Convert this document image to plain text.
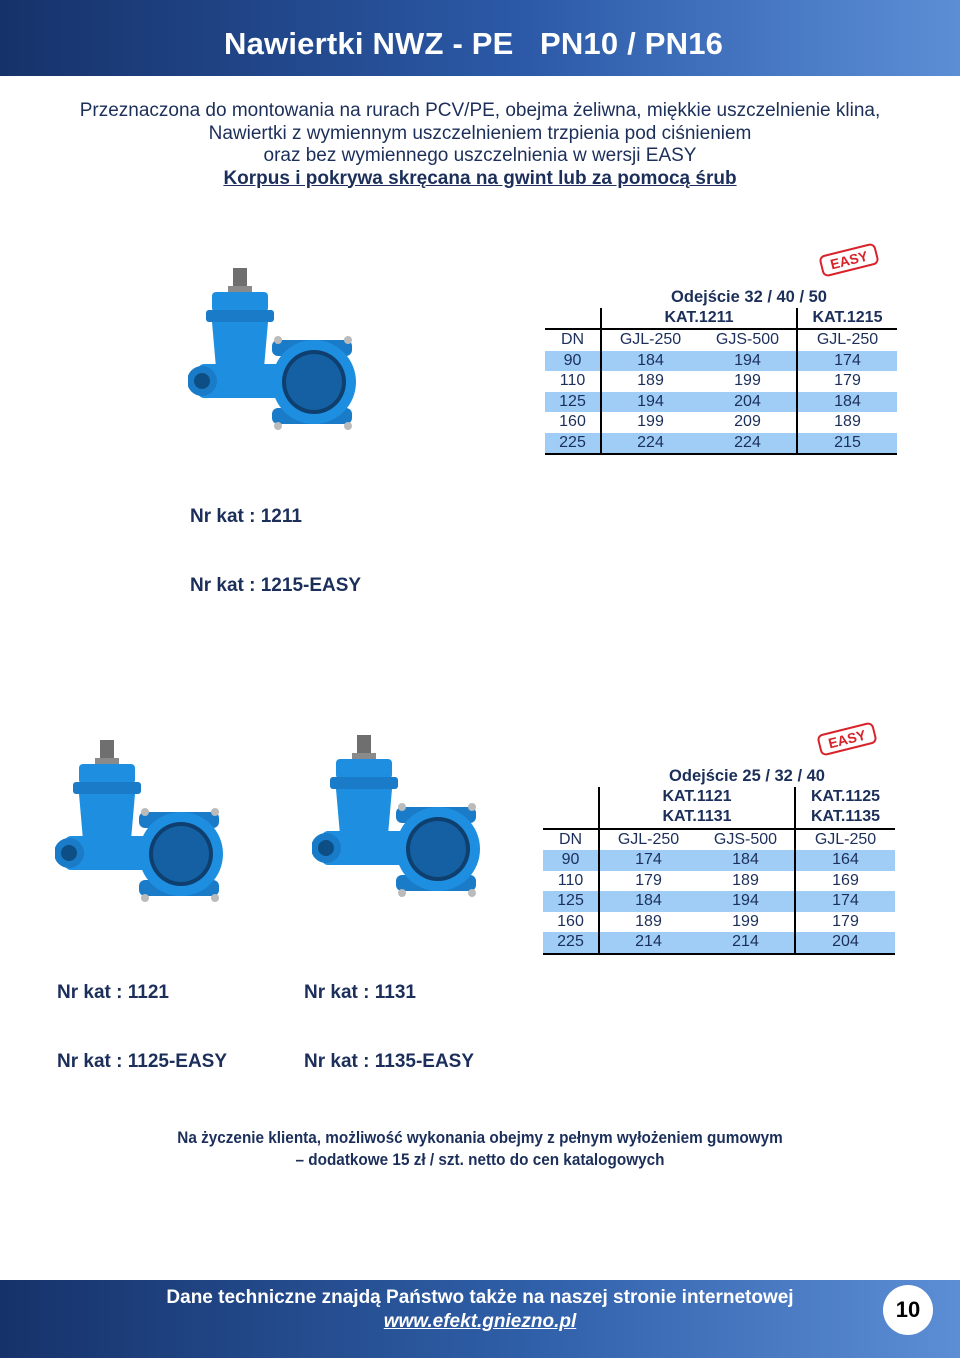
Nawiertki NWZ - PE   PN10 / PN16
Przeznaczona do montowania na rurach PCV/PE, obejma żeliwna, miękkie uszczelnienie klina,
Nawiertki z wymiennym uszczelnieniem trzpienia pod ciśnieniem
oraz bez wymiennego uszczelnienia w wersji EASY
Korpus i pokrywa skręcana na gwint lub za pomocą śrub

Nr kat : 1211

Nr kat : 1215-EASY

EASY
	Odejście 32 / 40 / 50		
	KAT.1211		KAT.1215
DN	GJL-250	GJS-500	GJL-250
90	184	194	174
110	189	199	179
125	194	204	184
160	199	209	189
225	224	224	215

Nr kat : 1121

Nr kat : 1125-EASY

Nr kat : 1131

Nr kat : 1135-EASY

EASY
	Odejście 25 / 32 / 40		
	KAT.1121		KAT.1125
	KAT.1131		KAT.1135
DN	GJL-250	GJS-500	GJL-250
90	174	184	164
110	179	189	169
125	184	194	174
160	189	199	179
225	214	214	204
Na życzenie klienta, możliwość wykonania obejmy z pełnym wyłożeniem gumowym
– dodatkowe 15 zł / szt. netto do cen katalogowych
Dane techniczne znajdą Państwo także na naszej stronie internetowej
www.efekt.gniezno.pl	10
